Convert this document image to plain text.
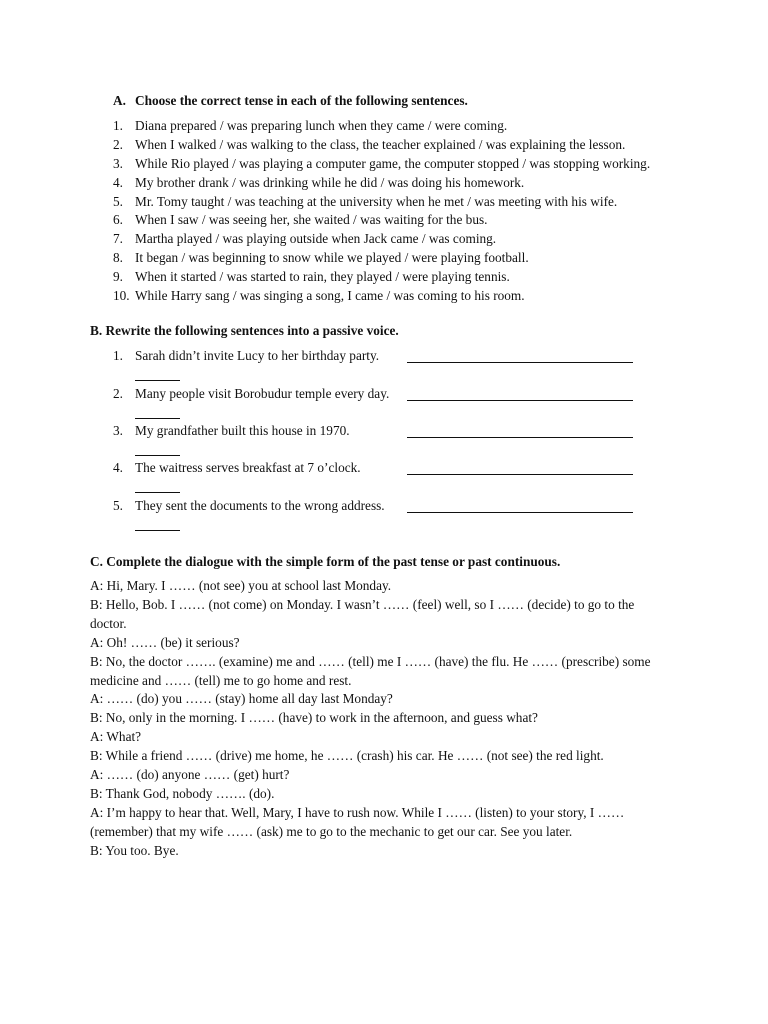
A. Choose the correct tense in each of the following sentences.
1. Diana prepared / was preparing lunch when they came / were coming.
2. When I walked / was walking to the class, the teacher explained / was explaining the lesson.
3. While Rio played / was playing a computer game, the computer stopped / was stopping working.
4. My brother drank / was drinking while he did / was doing his homework.
5. Mr. Tomy taught / was teaching at the university when he met / was meeting with his wife.
6. When I saw / was seeing her, she waited / was waiting for the bus.
7. Martha played / was playing outside when Jack came / was coming.
8. It began / was beginning to snow while we played / were playing football.
9. When it started / was started to rain, they played / were playing tennis.
10. While Harry sang / was singing a song, I came / was coming to his room.
B. Rewrite the following sentences into a passive voice.
1. Sarah didn’t invite Lucy to her birthday party.
2. Many people visit Borobudur temple every day.
3. My grandfather built this house in 1970.
4. The waitress serves breakfast at 7 o’clock.
5. They sent the documents to the wrong address.
C. Complete the dialogue with the simple form of the past tense or past continuous.

A: Hi, Mary. I …… (not see) you at school last Monday.

B: Hello, Bob. I …… (not come) on Monday. I wasn’t …… (feel) well, so I …… (decide) to go to the

doctor.

A: Oh! …… (be) it serious?

B: No, the doctor ……. (examine) me and …… (tell) me I …… (have) the flu. He …… (prescribe) some

medicine and …… (tell) me to go home and rest.

A: …… (do) you …… (stay) home all day last Monday?

B: No, only in the morning. I …… (have) to work in the afternoon, and guess what?

A: What?

B: While a friend …… (drive) me home, he …… (crash) his car. He …… (not see) the red light.

A: …… (do) anyone …… (get) hurt?

B: Thank God, nobody ……. (do).

A: I’m happy to hear that. Well, Mary, I have to rush now. While I …… (listen) to your story, I ……

(remember) that my wife …… (ask) me to go to the mechanic to get our car. See you later.

B: You too. Bye.
